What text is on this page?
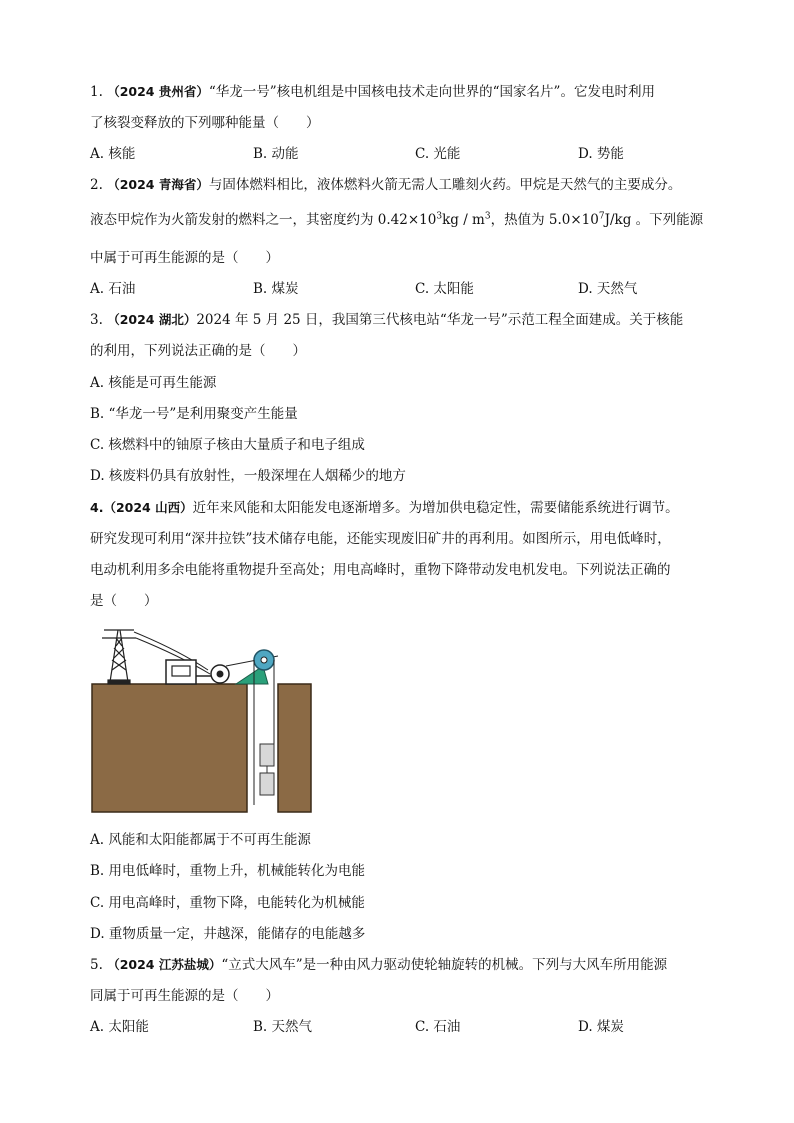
1. （2024 贵州省）“华龙一号”核电机组是中国核电技术走向世界的“国家名片”。它发电时利用
了核裂变释放的下列哪种能量（　　）
A. 核能	B. 动能	C. 光能	D. 势能
2. （2024 青海省）与固体燃料相比，液体燃料火箭无需人工雕刻火药。甲烷是天然气的主要成分。
液态甲烷作为火箭发射的燃料之一，其密度约为 $0.42\times 10^3kg / m^3$，热值为 $5.0\times 10^7J/kg$ 。下列能源
中属于可再生能源的是（　　）
A. 石油	B. 煤炭	C. 太阳能	D. 天然气
3. （2024 湖北）2024 年 5 月 25 日，我国第三代核电站“华龙一号”示范工程全面建成。关于核能
的利用，下列说法正确的是（　　）
A. 核能是可再生能源
B. “华龙一号”是利用聚变产生能量
C. 核燃料中的铀原子核由大量质子和电子组成
D. 核废料仍具有放射性，一般深埋在人烟稀少的地方
4.（2024 山西）近年来风能和太阳能发电逐渐增多。为增加供电稳定性，需要储能系统进行调节。
研究发现可利用“深井拉铁”技术储存电能，还能实现废旧矿井的再利用。如图所示，用电低峰时，
电动机利用多余电能将重物提升至高处；用电高峰时，重物下降带动发电机发电。下列说法正确的
是（　　）
A. 风能和太阳能都属于不可再生能源
B. 用电低峰时，重物上升，机械能转化为电能
C. 用电高峰时，重物下降，电能转化为机械能
D. 重物质量一定，井越深，能储存的电能越多
5. （2024 江苏盐城）“立式大风车”是一种由风力驱动使轮轴旋转的机械。下列与大风车所用能源
同属于可再生能源的是（　　）
A. 太阳能	B. 天然气	C. 石油	D. 煤炭
